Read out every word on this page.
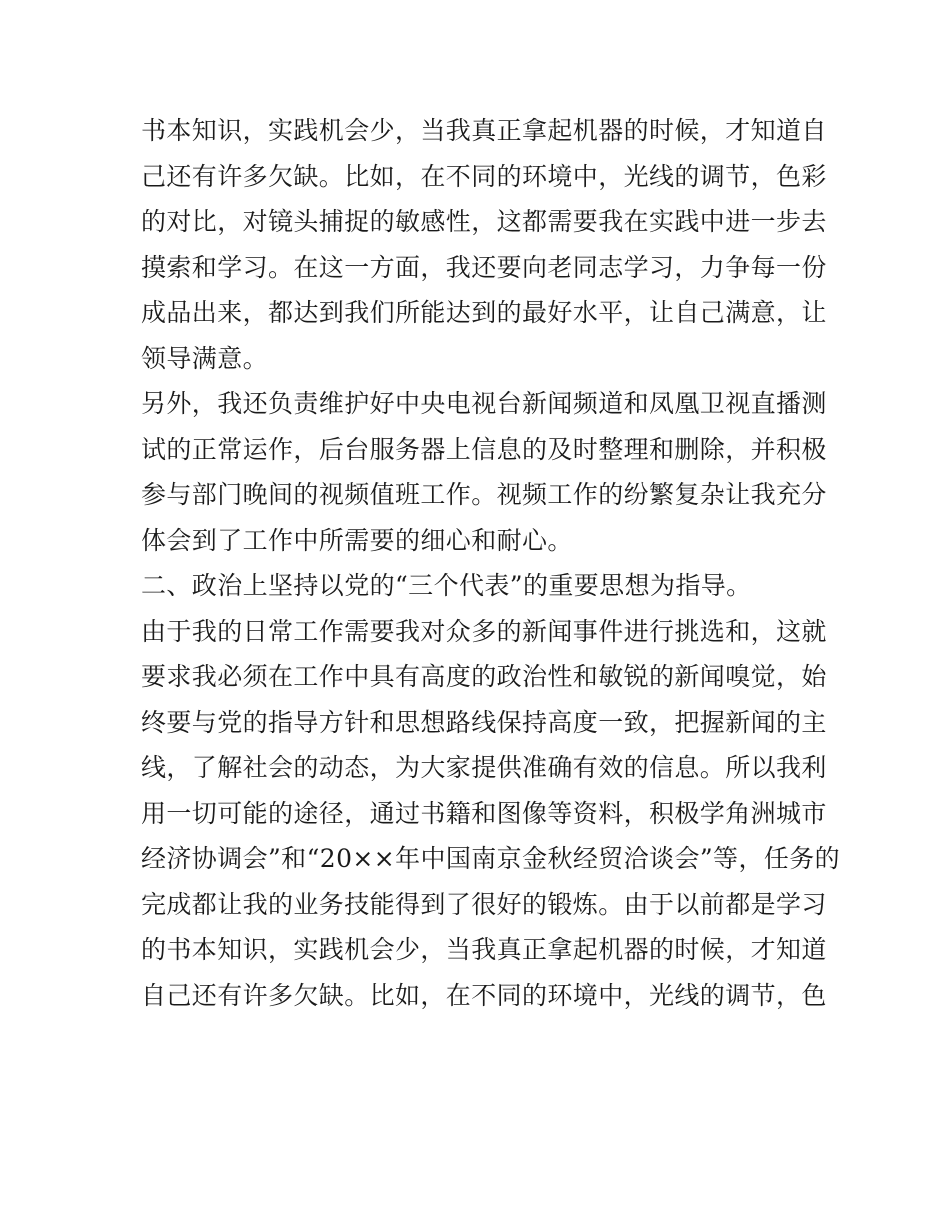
书本知识，实践机会少，当我真正拿起机器的时候，才知道自
己还有许多欠缺。比如，在不同的环境中，光线的调节，色彩
的对比，对镜头捕捉的敏感性，这都需要我在实践中进一步去
摸索和学习。在这一方面，我还要向老同志学习，力争每一份
成品出来，都达到我们所能达到的最好水平，让自己满意，让
领导满意。
另外，我还负责维护好中央电视台新闻频道和凤凰卫视直播测
试的正常运作，后台服务器上信息的及时整理和删除，并积极
参与部门晚间的视频值班工作。视频工作的纷繁复杂让我充分
体会到了工作中所需要的细心和耐心。
二、政治上坚持以党的“三个代表”的重要思想为指导。
由于我的日常工作需要我对众多的新闻事件进行挑选和，这就
要求我必须在工作中具有高度的政治性和敏锐的新闻嗅觉，始
终要与党的指导方针和思想路线保持高度一致，把握新闻的主
线，了解社会的动态，为大家提供准确有效的信息。所以我利
用一切可能的途径，通过书籍和图像等资料，积极学角洲城市
经济协调会”和“20××年中国南京金秋经贸洽谈会”等，任务的
完成都让我的业务技能得到了很好的锻炼。由于以前都是学习
的书本知识，实践机会少，当我真正拿起机器的时候，才知道
自己还有许多欠缺。比如，在不同的环境中，光线的调节，色
